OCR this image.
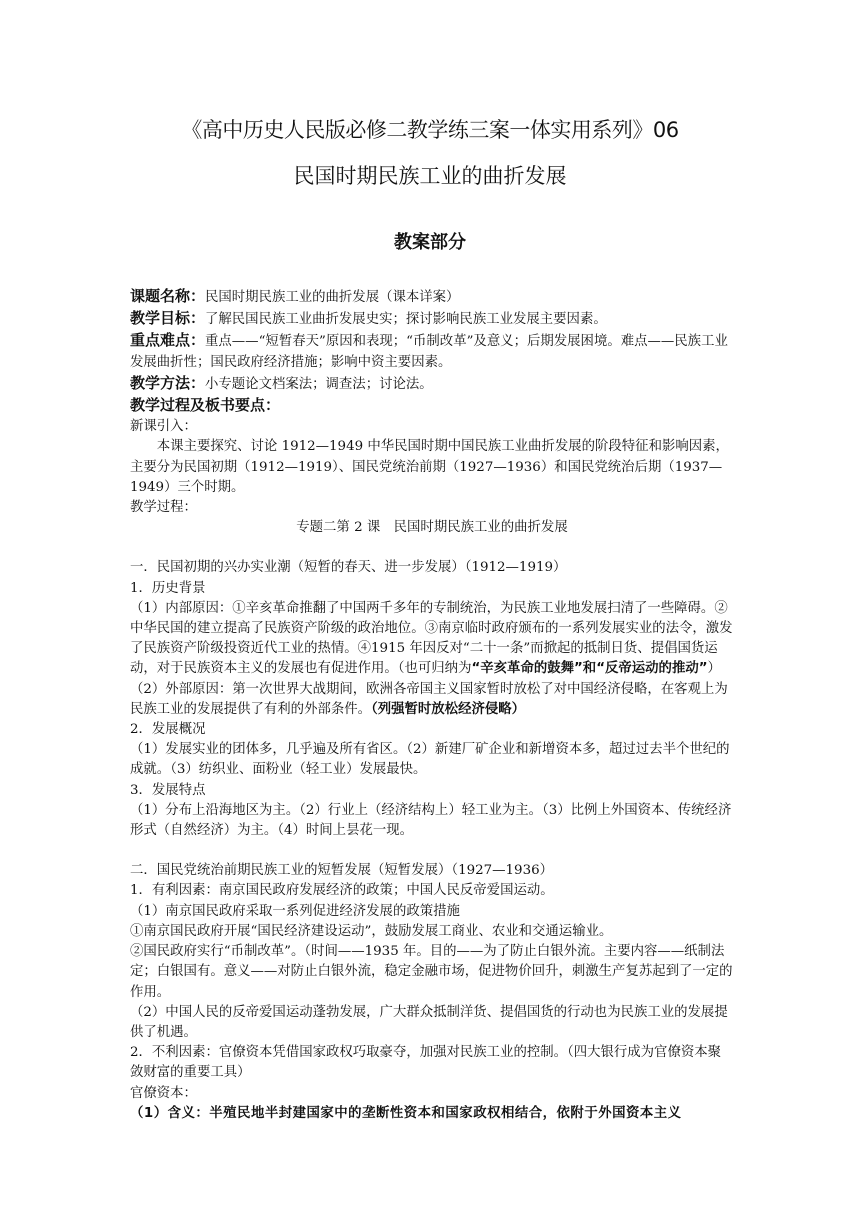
《高中历史人民版必修二教学练三案一体实用系列》06
民国时期民族工业的曲折发展
教案部分

课题名称：民国时期民族工业的曲折发展（课本详案）

教学目标：了解民国民族工业曲折发展史实；探讨影响民族工业发展主要因素。

重点难点：重点——“短暂春天”原因和表现；“币制改革”及意义；后期发展困境。难点——民族工业发展曲折性；国民政府经济措施；影响中资主要因素。

教学方法：小专题论文档案法；调查法；讨论法。

教学过程及板书要点：

新课引入：

本课主要探究、讨论 1912—1949 中华民国时期中国民族工业曲折发展的阶段特征和影响因素，主要分为民国初期（1912—1919）、国民党统治前期（1927—1936）和国民党统治后期（1937—1949）三个时期。

教学过程：

专题二第 2 课　民国时期民族工业的曲折发展

一．民国初期的兴办实业潮（短暂的春天、进一步发展）（1912—1919）

1．历史背景

（1）内部原因：①辛亥革命推翻了中国两千多年的专制统治，为民族工业地发展扫清了一些障碍。②中华民国的建立提高了民族资产阶级的政治地位。③南京临时政府颁布的一系列发展实业的法令，激发了民族资产阶级投资近代工业的热情。④1915 年因反对“二十一条”而掀起的抵制日货、提倡国货运动，对于民族资本主义的发展也有促进作用。（也可归纳为“辛亥革命的鼓舞”和“反帝运动的推动”）

（2）外部原因：第一次世界大战期间，欧洲各帝国主义国家暂时放松了对中国经济侵略，在客观上为民族工业的发展提供了有利的外部条件。（列强暂时放松经济侵略）

2．发展概况

（1）发展实业的团体多，几乎遍及所有省区。（2）新建厂矿企业和新增资本多，超过过去半个世纪的成就。（3）纺织业、面粉业（轻工业）发展最快。

3．发展特点

（1）分布上沿海地区为主。（2）行业上（经济结构上）轻工业为主。（3）比例上外国资本、传统经济形式（自然经济）为主。（4）时间上昙花一现。

二．国民党统治前期民族工业的短暂发展（短暂发展）（1927—1936）

1．有利因素：南京国民政府发展经济的政策；中国人民反帝爱国运动。

（1）南京国民政府采取一系列促进经济发展的政策措施

①南京国民政府开展“国民经济建设运动”，鼓励发展工商业、农业和交通运输业。

②国民政府实行“币制改革”。（时间——1935 年。目的——为了防止白银外流。主要内容——纸制法定；白银国有。意义——对防止白银外流，稳定金融市场，促进物价回升，刺激生产复苏起到了一定的作用。

（2）中国人民的反帝爱国运动蓬勃发展，广大群众抵制洋货、提倡国货的行动也为民族工业的发展提供了机遇。

2．不利因素：官僚资本凭借国家政权巧取豪夺，加强对民族工业的控制。（四大银行成为官僚资本聚敛财富的重要工具）

官僚资本：

（1）含义：半殖民地半封建国家中的垄断性资本和国家政权相结合，依附于外国资本主义
